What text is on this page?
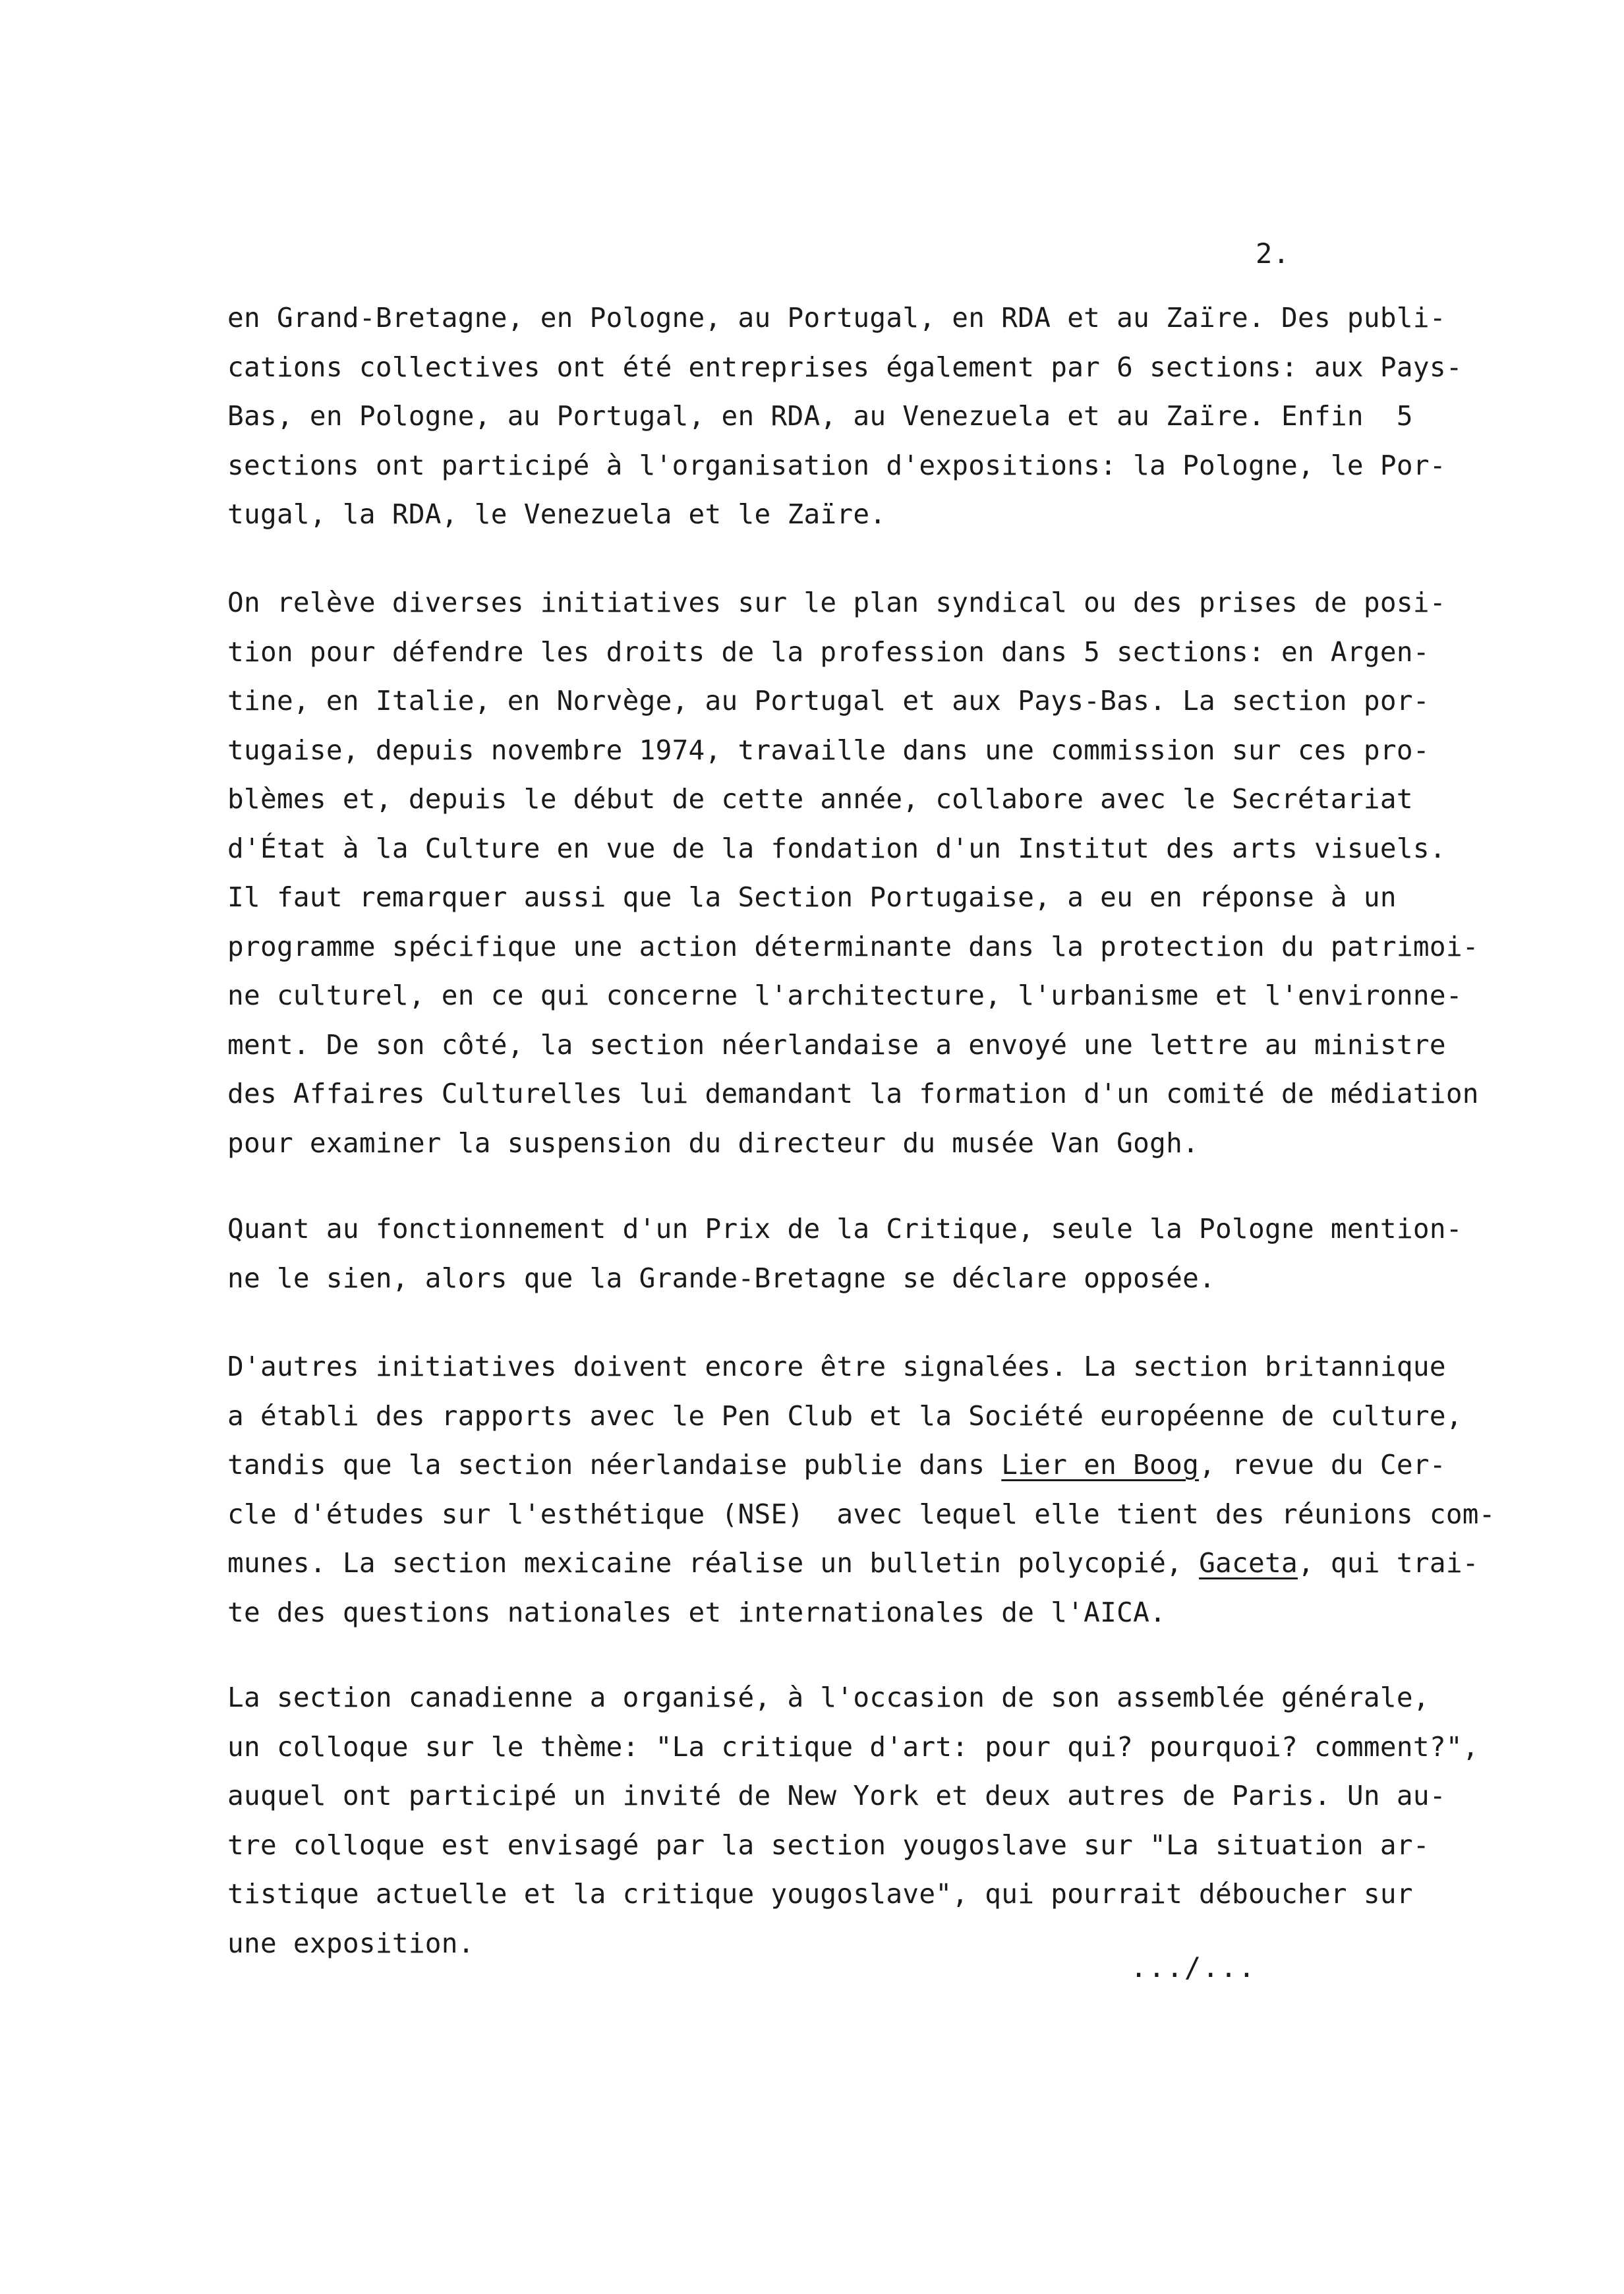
2.
en Grand-Bretagne, en Pologne, au Portugal, en RDA et au Zaïre. Des publi-
cations collectives ont été entreprises également par 6 sections: aux Pays-
Bas, en Pologne, au Portugal, en RDA, au Venezuela et au Zaïre. Enfin  5
sections ont participé à l'organisation d'expositions: la Pologne, le Por-
tugal, la RDA, le Venezuela et le Zaïre.
On relève diverses initiatives sur le plan syndical ou des prises de posi-
tion pour défendre les droits de la profession dans 5 sections: en Argen-
tine, en Italie, en Norvège, au Portugal et aux Pays-Bas. La section por-
tugaise, depuis novembre 1974, travaille dans une commission sur ces pro-
blèmes et, depuis le début de cette année, collabore avec le Secrétariat
d'État à la Culture en vue de la fondation d'un Institut des arts visuels.
Il faut remarquer aussi que la Section Portugaise, a eu en réponse à un
programme spécifique une action déterminante dans la protection du patrimoi-
ne culturel, en ce qui concerne l'architecture, l'urbanisme et l'environne-
ment. De son côté, la section néerlandaise a envoyé une lettre au ministre
des Affaires Culturelles lui demandant la formation d'un comité de médiation
pour examiner la suspension du directeur du musée Van Gogh.
Quant au fonctionnement d'un Prix de la Critique, seule la Pologne mention-
ne le sien, alors que la Grande-Bretagne se déclare opposée.
D'autres initiatives doivent encore être signalées. La section britannique
a établi des rapports avec le Pen Club et la Société européenne de culture,
tandis que la section néerlandaise publie dans Lier en Boog, revue du Cer-
cle d'études sur l'esthétique (NSE)  avec lequel elle tient des réunions com-
munes. La section mexicaine réalise un bulletin polycopié, Gaceta, qui trai-
te des questions nationales et internationales de l'AICA.
La section canadienne a organisé, à l'occasion de son assemblée générale,
un colloque sur le thème: "La critique d'art: pour qui? pourquoi? comment?",
auquel ont participé un invité de New York et deux autres de Paris. Un au-
tre colloque est envisagé par la section yougoslave sur "La situation ar-
tistique actuelle et la critique yougoslave", qui pourrait déboucher sur
une exposition.
.../...
